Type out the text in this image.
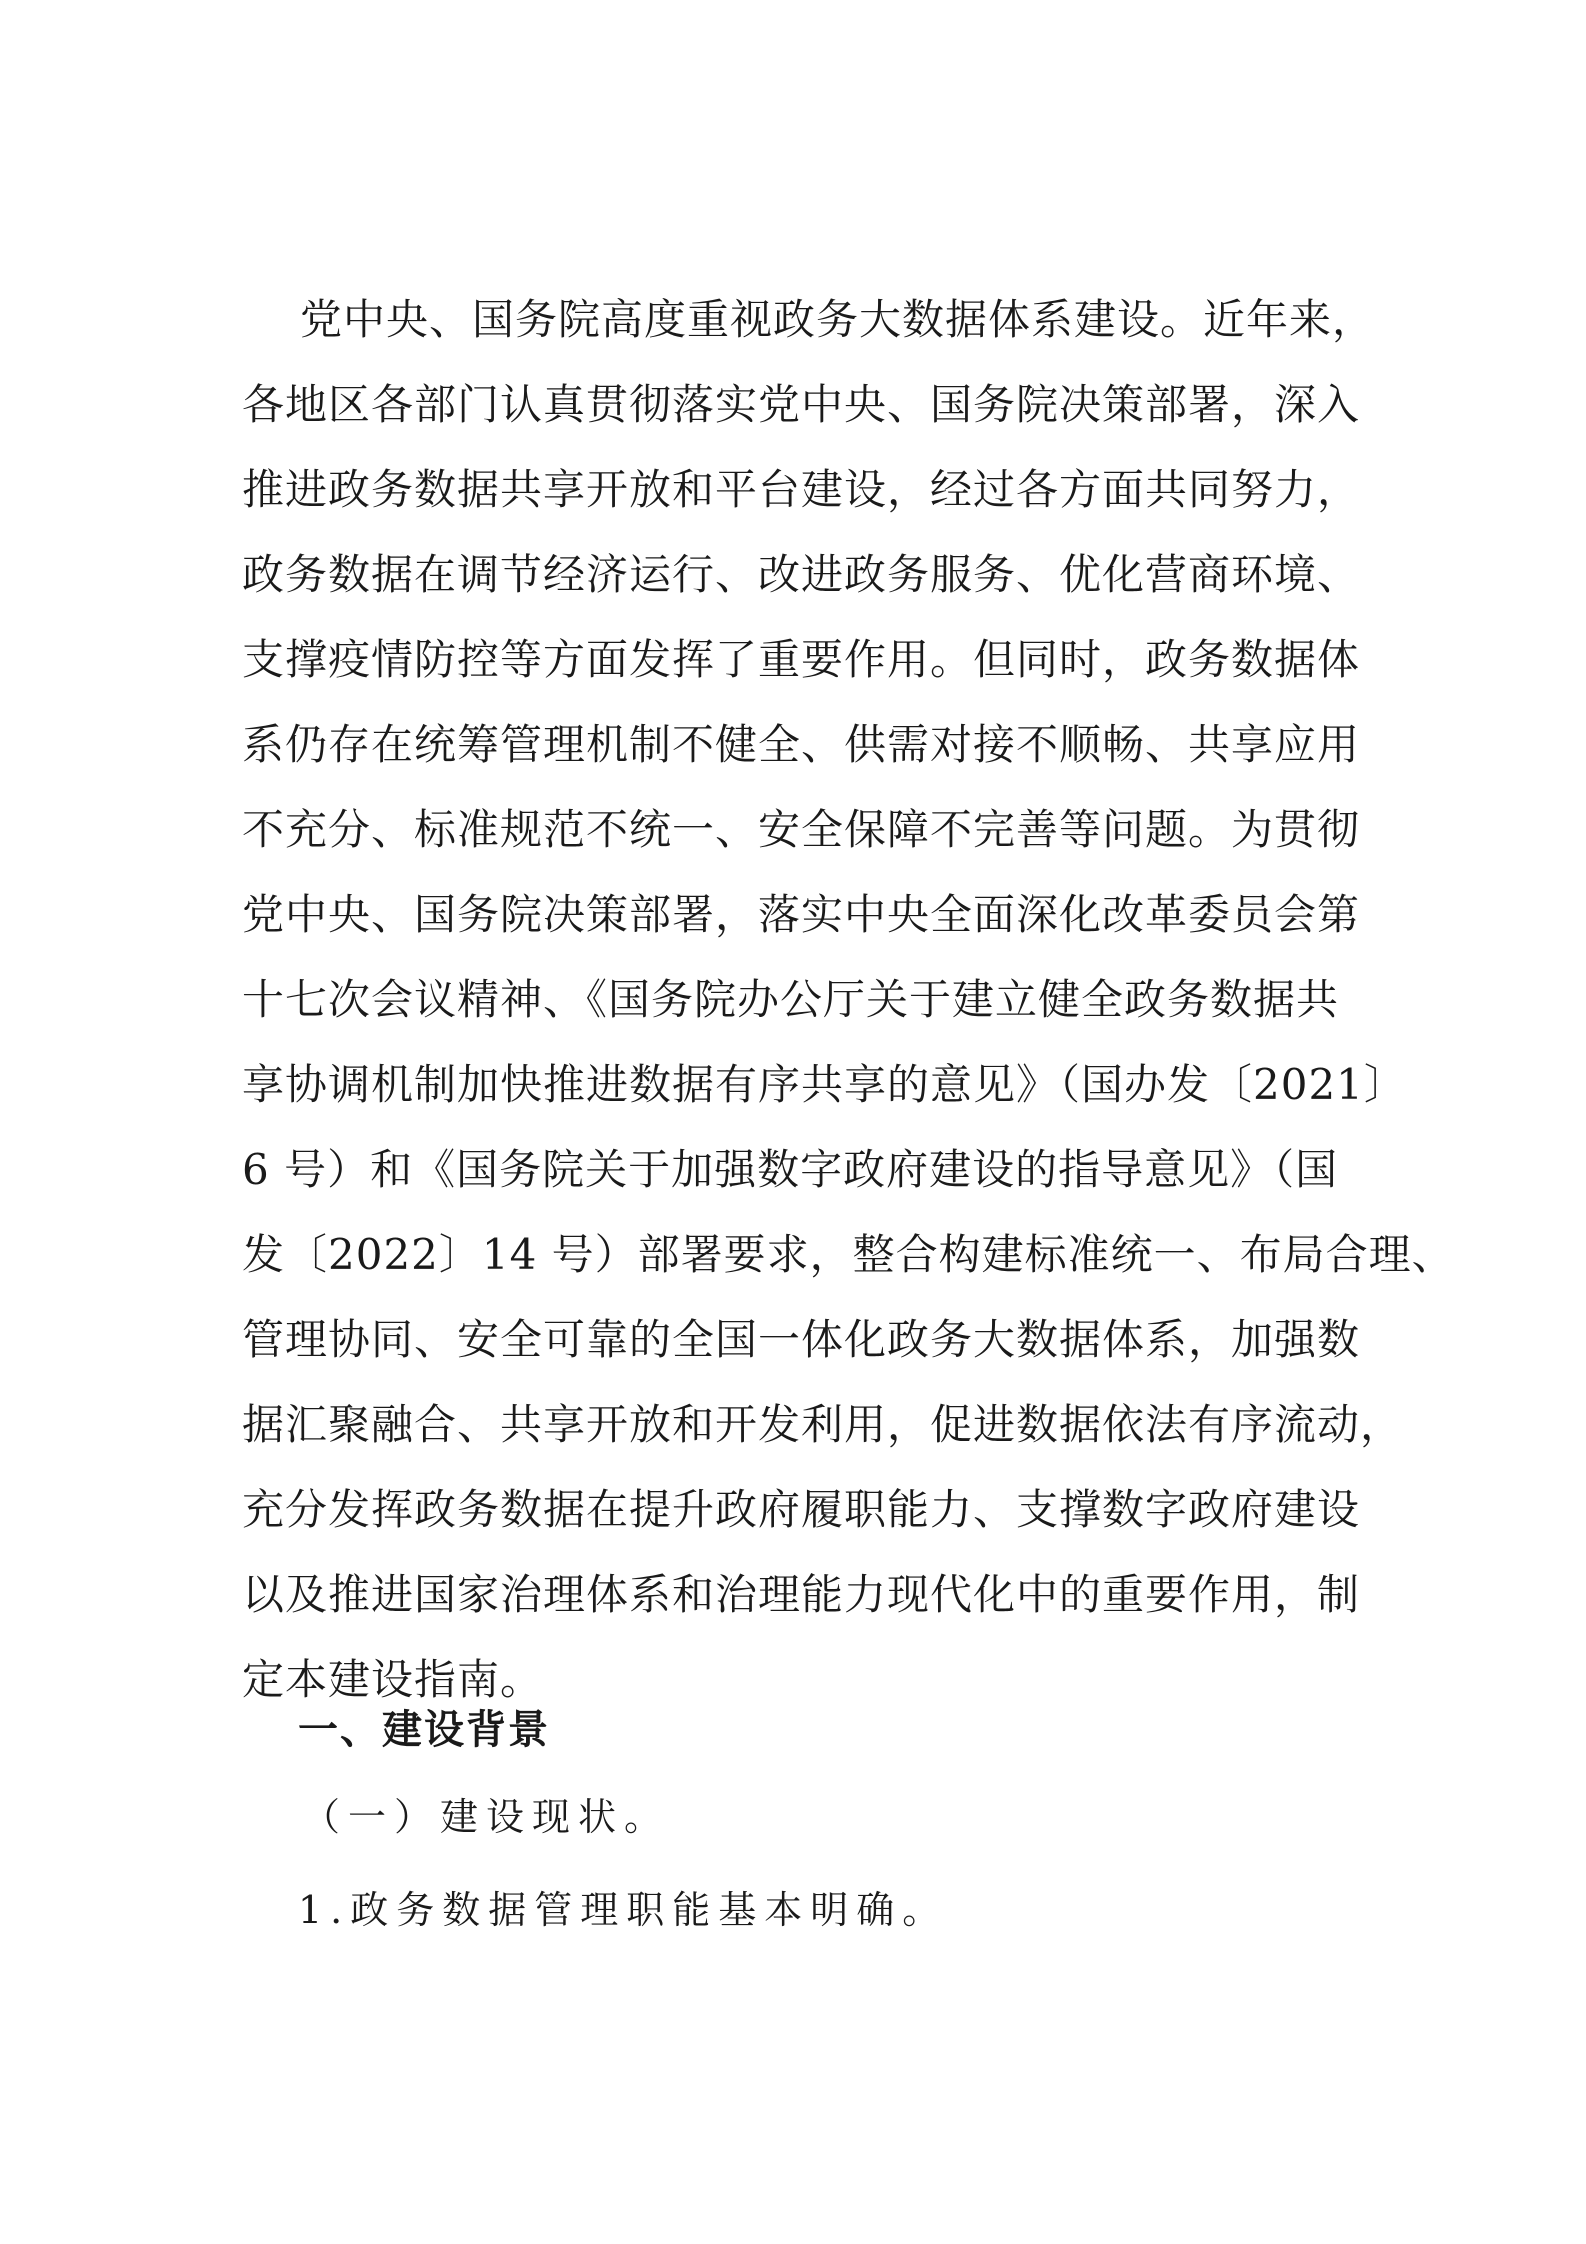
党中央、国务院高度重视政务大数据体系建设。近年来，
各地区各部门认真贯彻落实党中央、国务院决策部署，深入
推进政务数据共享开放和平台建设，经过各方面共同努力，
政务数据在调节经济运行、改进政务服务、优化营商环境、
支撑疫情防控等方面发挥了重要作用。但同时，政务数据体
系仍存在统筹管理机制不健全、供需对接不顺畅、共享应用
不充分、标准规范不统一、安全保障不完善等问题。为贯彻
党中央、国务院决策部署，落实中央全面深化改革委员会第
十七次会议精神、《国务院办公厅关于建立健全政务数据共
享协调机制加快推进数据有序共享的意见》（国办发〔2021〕
6 号）和《国务院关于加强数字政府建设的指导意见》（国
发〔2022〕14 号）部署要求，整合构建标准统一、布局合理、
管理协同、安全可靠的全国一体化政务大数据体系，加强数
据汇聚融合、共享开放和开发利用，促进数据依法有序流动，
充分发挥政务数据在提升政府履职能力、支撑数字政府建设
以及推进国家治理体系和治理能力现代化中的重要作用，制
定本建设指南。
一、建设背景
（一）建设现状。
1.政务数据管理职能基本明确。
